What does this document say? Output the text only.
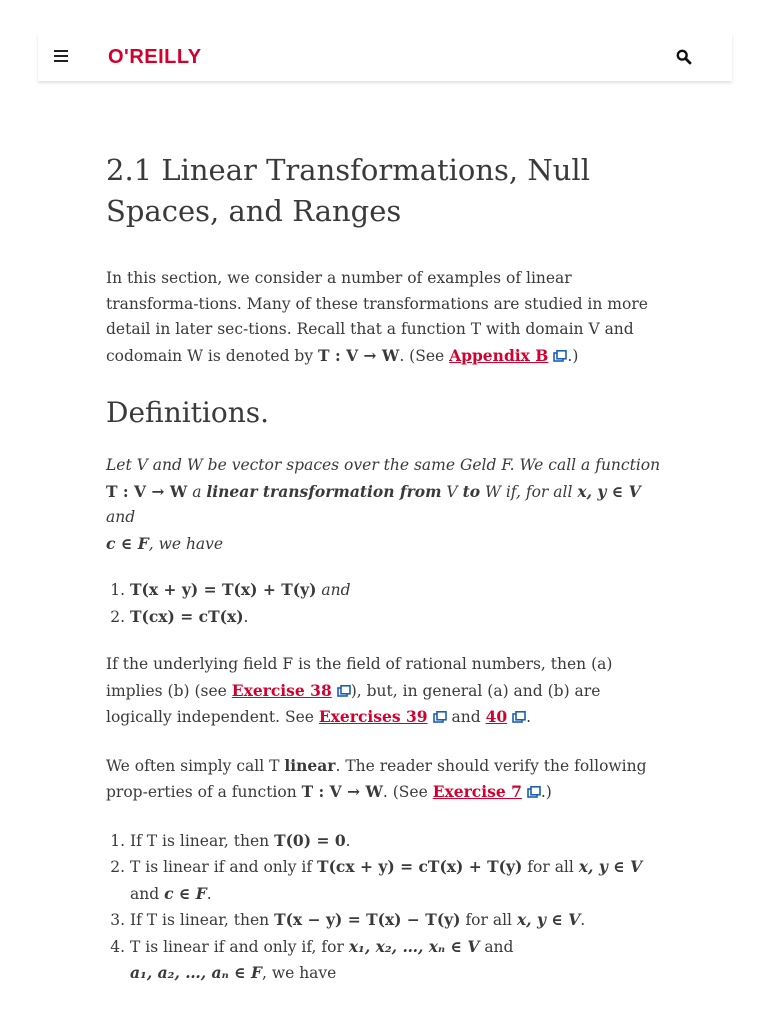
O'REILLY
2.1 Linear Transformations, Null Spaces, and Ranges

In this section, we consider a number of examples of linear transforma-tions. Many of these transformations are studied in more detail in later sec-tions. Recall that a function T with domain V and codomain W is denoted by T : V → W. (See Appendix B .)

Definitions.

Let V and W be vector spaces over the same Geld F. We call a function
T : V → W a linear transformation from V to W if, for all x, y ∈ V and
c ∈ F, we have

1. T(x + y) = T(x) + T(y) and
2. T(cx) = cT(x).

If the underlying field F is the field of rational numbers, then (a) implies (b) (see Exercise 38 ), but, in general (a) and (b) are logically independent. See Exercises 39 and 40 .

We often simply call T linear. The reader should verify the following prop-erties of a function T : V → W. (See Exercise 7 .)

1. If T is linear, then T(0) = 0.
2. T is linear if and only if T(cx + y) = cT(x) + T(y) for all x, y ∈ V
and c ∈ F.
3. If T is linear, then T(x − y) = T(x) − T(y) for all x, y ∈ V.
4. T is linear if and only if, for x₁, x₂, …, xₙ ∈ V and
a₁, a₂, …, aₙ ∈ F, we have
